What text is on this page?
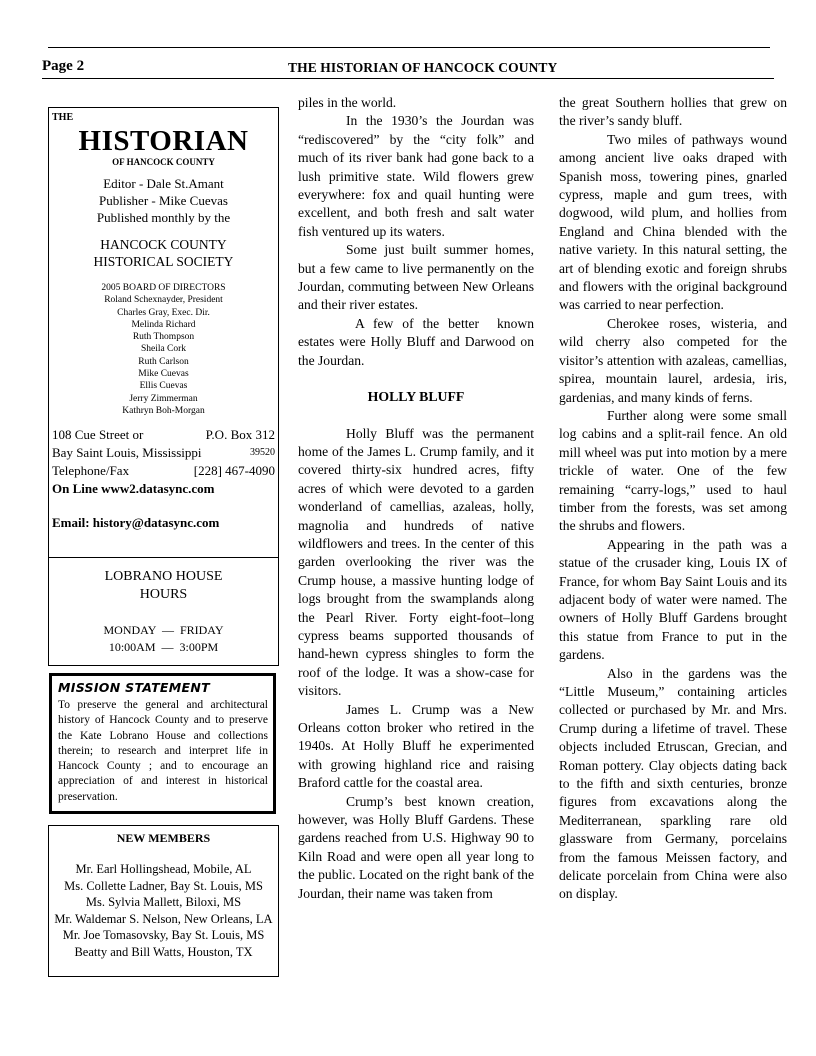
Page 2	THE HISTORIAN OF HANCOCK COUNTY
THE
HISTORIAN
OF HANCOCK COUNTY
Editor - Dale St.Amant
Publisher - Mike Cuevas
Published monthly by the
HANCOCK COUNTY
HISTORICAL SOCIETY
2005 BOARD OF DIRECTORS
Roland Schexnayder, President
Charles Gray, Exec. Dir.
Melinda Richard
Ruth Thompson
Sheila Cork
Ruth Carlson
Mike Cuevas
Ellis Cuevas
Jerry Zimmerman
Kathryn Boh-Morgan
108 Cue Street or	P.O. Box 312
Bay Saint Louis, Mississippi	39520
Telephone/Fax	[228] 467-4090
On Line www2.datasync.com
Email: history@datasync.com
LOBRANO HOUSE
HOURS
MONDAY  —  FRIDAY
10:00AM  —  3:00PM
MISSION STATEMENT
To preserve the general and architectural history of Hancock County and to preserve the Kate Lobrano House and collections therein; to research and interpret life in Hancock County ; and to encourage an appreciation of and interest in historical preservation.
NEW MEMBERS
Mr. Earl Hollingshead, Mobile, AL
Ms. Collette Ladner, Bay St. Louis, MS
Ms. Sylvia Mallett, Biloxi, MS
Mr. Waldemar S. Nelson, New Orleans, LA
Mr. Joe Tomasovsky, Bay St. Louis, MS
Beatty and Bill Watts, Houston, TX

piles in the world.

In the 1930’s the Jourdan was “rediscovered” by the “city folk” and much of its river bank had gone back to a lush primitive state. Wild flowers grew everywhere: fox and quail hunting were excellent, and both fresh and salt water fish ventured up its waters.

Some just built summer homes, but a few came to live permanently on the Jourdan, commuting between New Orleans and their river estates.

A few of the better  known estates were Holly Bluff and Darwood on the Jourdan.

HOLLY BLUFF

Holly Bluff was the permanent home of the James L. Crump family, and it covered thirty-six hundred acres, fifty acres of which were devoted to a garden wonderland of camellias, azaleas, holly, magnolia and hundreds of native wildflowers and trees. In the center of this garden overlooking the river was the Crump house, a massive hunting lodge of logs brought from the swamplands along the Pearl River. Forty eight-foot–long cypress beams supported thousands of hand-hewn cypress shingles to form the roof of the lodge. It was a show-case for visitors.

James L. Crump was a New Orleans cotton broker who retired in the 1940s. At Holly Bluff he experimented with growing highland rice and raising Braford cattle for the coastal area.

Crump’s best known creation, however, was Holly Bluff Gardens. These gardens reached from U.S. Highway 90 to Kiln Road and were open all year long to the public. Located on the right bank of the Jourdan, their name was taken from

the great Southern hollies that grew on the river’s sandy bluff.

Two miles of pathways wound among ancient live oaks draped with Spanish moss, towering pines, gnarled cypress, maple and gum trees, with dogwood, wild plum, and hollies from England and China blended with the native variety. In this natural setting, the art of blending exotic and foreign shrubs and flowers with the original background was carried to near perfection.

Cherokee roses, wisteria, and wild cherry also competed for the visitor’s attention with azaleas, camellias, spirea, mountain laurel, ardesia, iris, gardenias, and many kinds of ferns.

Further along were some small log cabins and a split-rail fence. An old mill wheel was put into motion by a mere trickle of water. One of the few remaining “carry-logs,” used to haul timber from the forests, was set among the shrubs and flowers.

Appearing in the path was a statue of the crusader king, Louis IX of France, for whom Bay Saint Louis and its adjacent body of water were named. The owners of Holly Bluff Gardens brought this statue from France to put in the gardens.

Also in the gardens was the “Little Museum,” containing articles collected or purchased by Mr. and Mrs. Crump during a lifetime of travel. These objects included Etruscan, Grecian, and Roman pottery. Clay objects dating back to the fifth and sixth centuries, bronze figures from excavations along the Mediterranean, sparkling rare old glassware from Germany, porcelains from the famous Meissen factory, and delicate porcelain from China were also on display.
